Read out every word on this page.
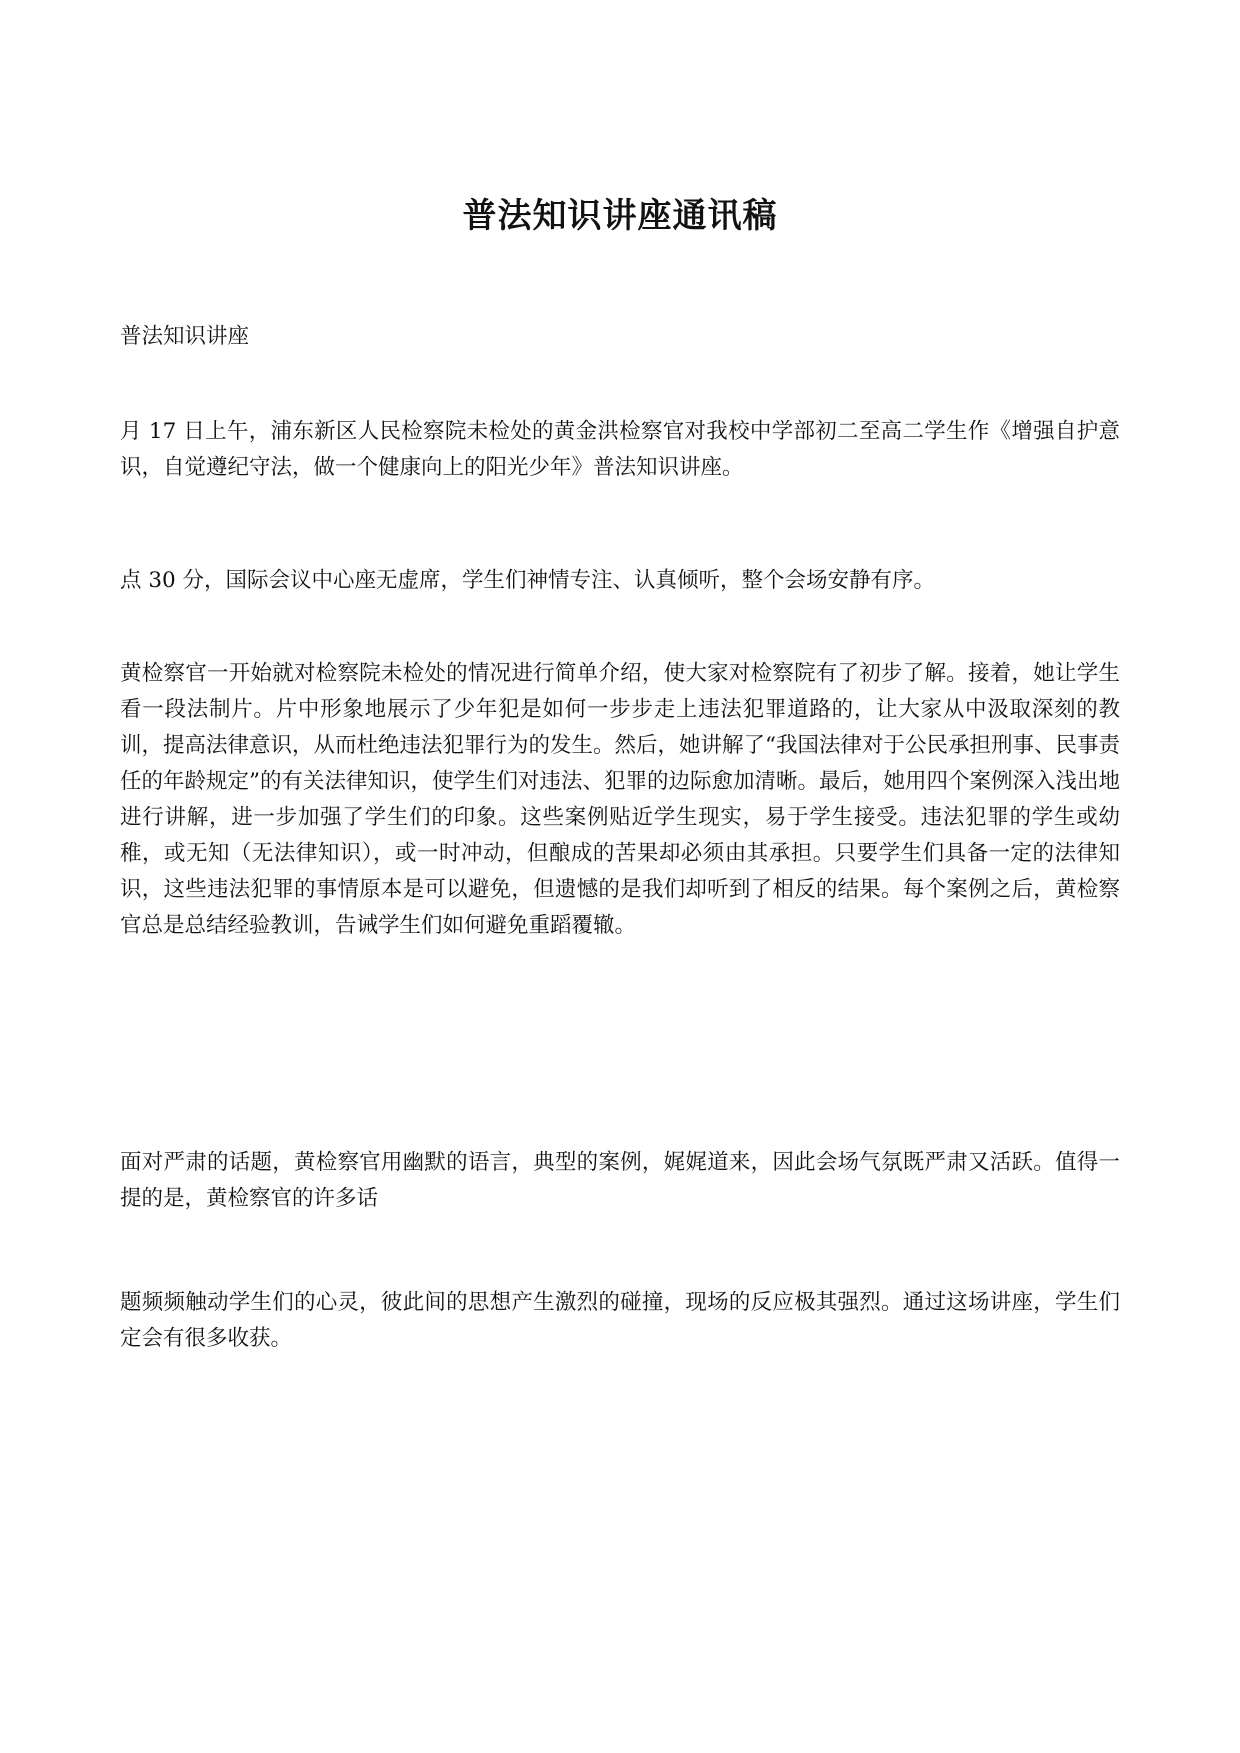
普法知识讲座通讯稿

普法知识讲座

月 17 日上午，浦东新区人民检察院未检处的黄金洪检察官对我校中学部初二至高二学生作《增强自护意识，自觉遵纪守法，做一个健康向上的阳光少年》普法知识讲座。

点 30 分，国际会议中心座无虚席，学生们神情专注、认真倾听，整个会场安静有序。

黄检察官一开始就对检察院未检处的情况进行简单介绍，使大家对检察院有了初步了解。接着，她让学生看一段法制片。片中形象地展示了少年犯是如何一步步走上违法犯罪道路的，让大家从中汲取深刻的教训，提高法律意识，从而杜绝违法犯罪行为的发生。然后，她讲解了“我国法律对于公民承担刑事、民事责任的年龄规定”的有关法律知识，使学生们对违法、犯罪的边际愈加清晰。最后，她用四个案例深入浅出地进行讲解，进一步加强了学生们的印象。这些案例贴近学生现实，易于学生接受。违法犯罪的学生或幼稚，或无知（无法律知识），或一时冲动，但酿成的苦果却必须由其承担。只要学生们具备一定的法律知识，这些违法犯罪的事情原本是可以避免，但遗憾的是我们却听到了相反的结果。每个案例之后，黄检察官总是总结经验教训，告诫学生们如何避免重蹈覆辙。

面对严肃的话题，黄检察官用幽默的语言，典型的案例，娓娓道来，因此会场气氛既严肃又活跃。值得一提的是，黄检察官的许多话

题频频触动学生们的心灵，彼此间的思想产生激烈的碰撞，现场的反应极其强烈。通过这场讲座，学生们定会有很多收获。
